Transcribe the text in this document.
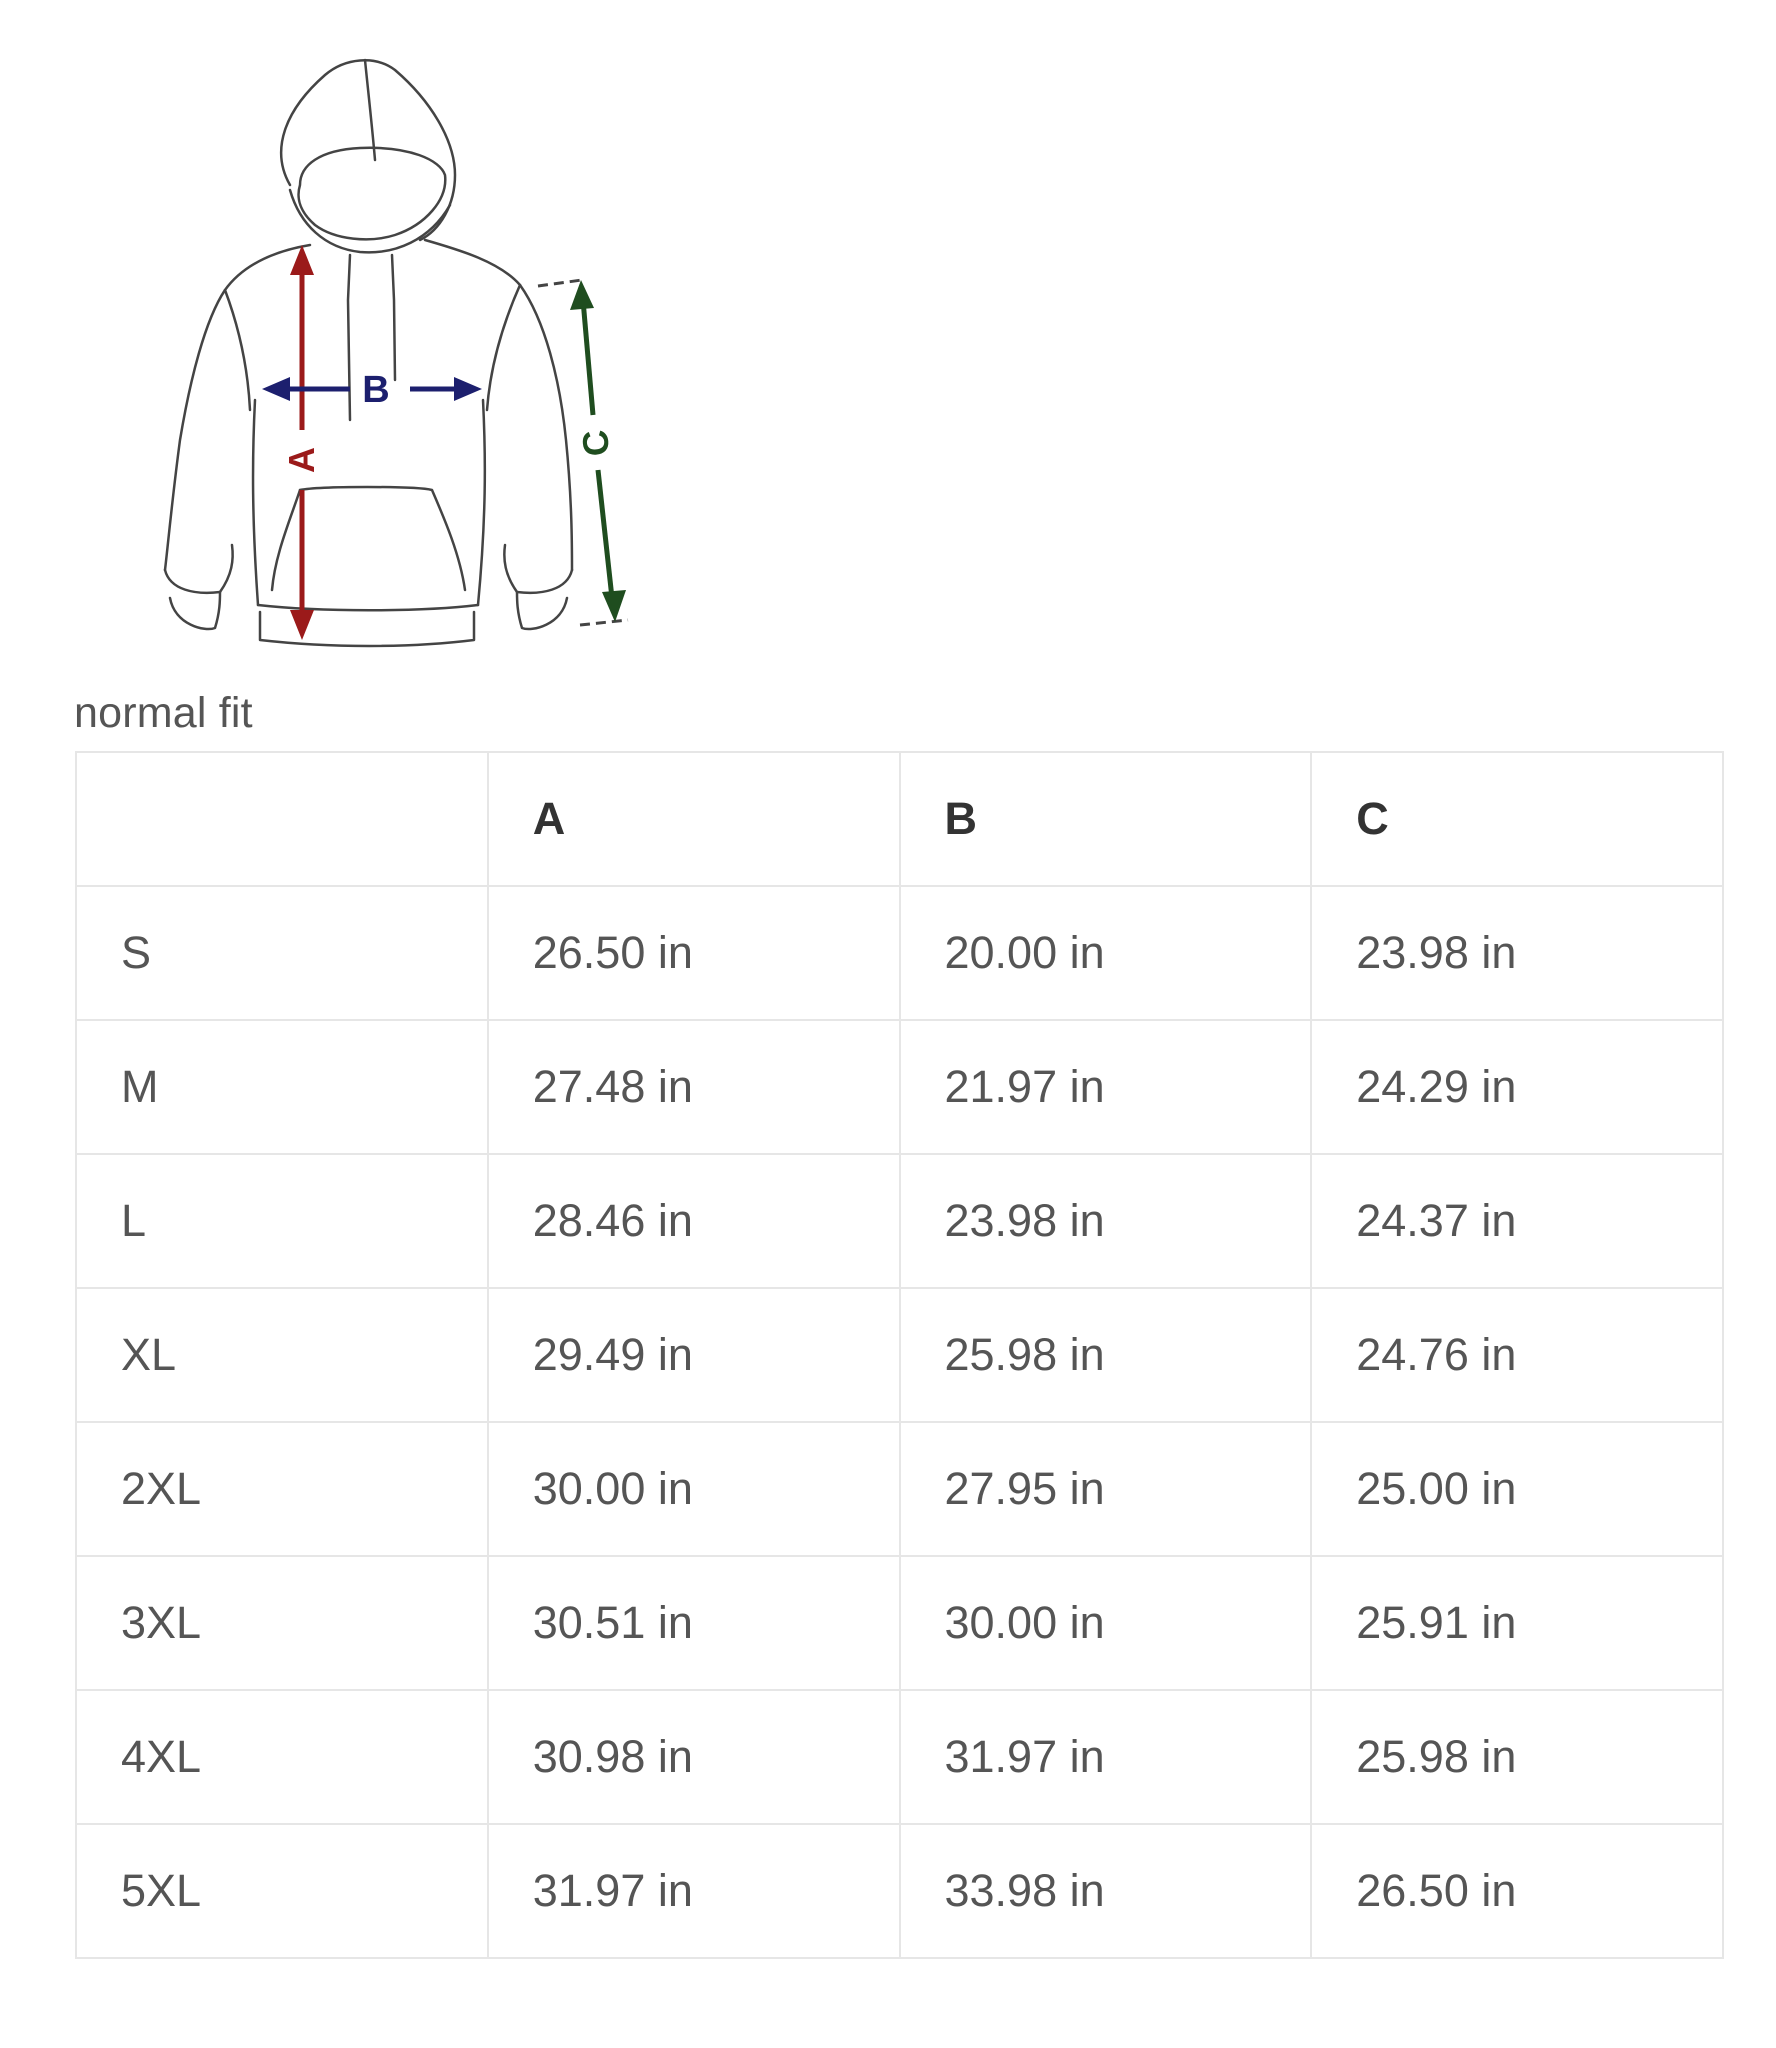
A
B
C
normal fit
	A	B	C
S	26.50 in	20.00 in	23.98 in
M	27.48 in	21.97 in	24.29 in
L	28.46 in	23.98 in	24.37 in
XL	29.49 in	25.98 in	24.76 in
2XL	30.00 in	27.95 in	25.00 in
3XL	30.51 in	30.00 in	25.91 in
4XL	30.98 in	31.97 in	25.98 in
5XL	31.97 in	33.98 in	26.50 in
